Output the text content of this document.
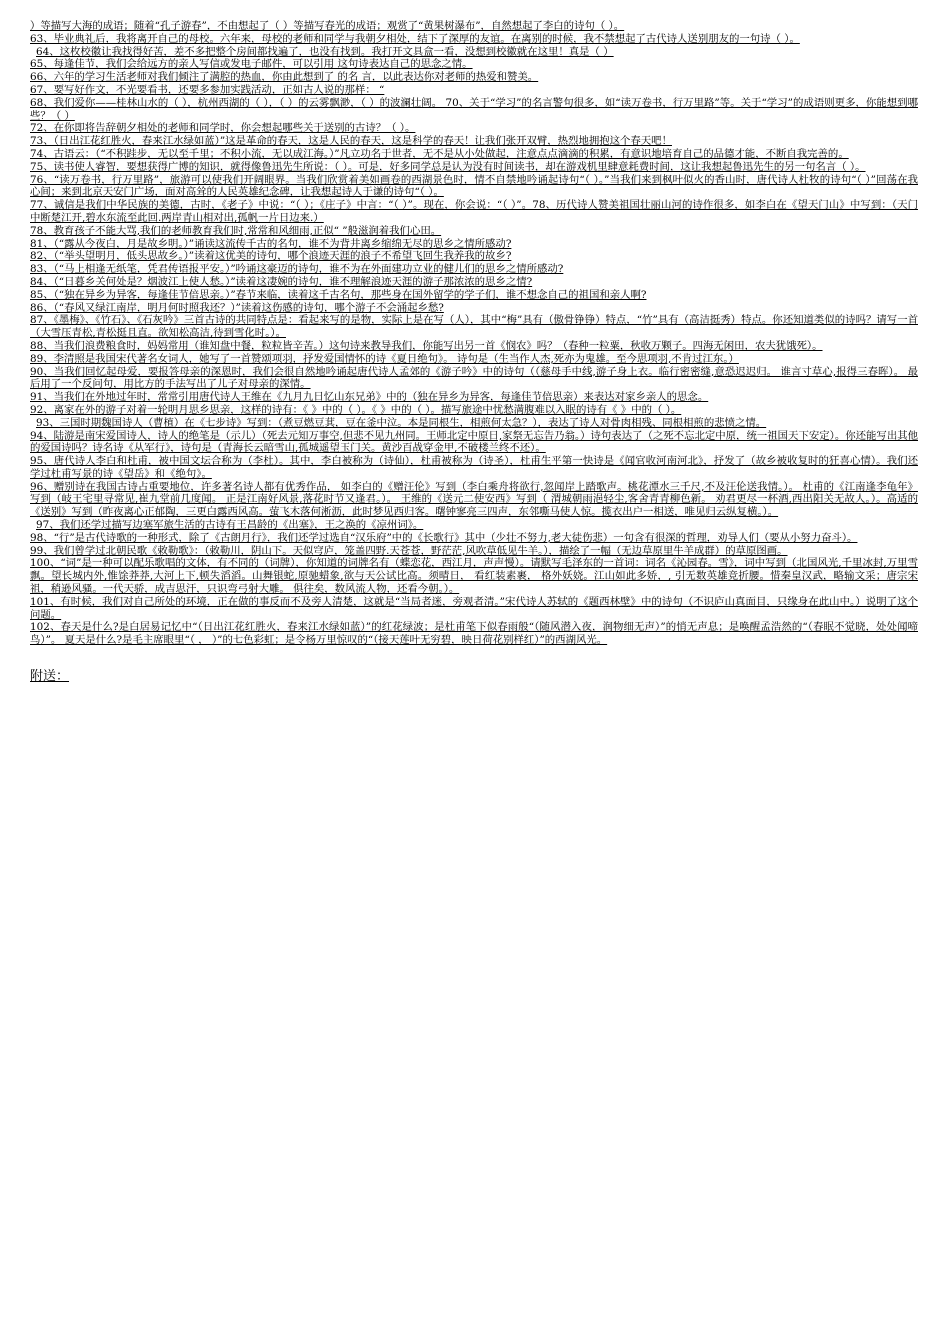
）等描写大海的成语；随着“孔子游春”，不由想起了（ ）等描写春光的成语；观赏了“黄果树瀑布”，自然想起了李白的诗句（ ）。

63、毕业典礼后，我将离开自己的母校。六年来，母校的老师和同学与我朝夕相处，结下了深厚的友谊。在离别的时候，我不禁想起了古代诗人送别朋友的一句诗（ ）。

64、这枚校徽让我找得好苦，差不多把整个房间都找遍了，也没有找到。我打开文具盒一看，没想到校徽就在这里！真是（ ）

65、每逢佳节，我们会给远方的亲人写信或发电子邮件，可以引用 这句诗表达自己的思念之情。

66、六年的学习生活老师对我们倾注了满腔的热血，你由此想到了 的名 言，以此表达你对老师的热爱和赞美。

67、要写好作文，不光要看书，还要多参加实践活动，正如古人说的那样： “

68、我们爱你——桂林山水的（ ），杭州西湖的（ ），（ ）的云雾飘渺，（ ）的波澜壮阔。 70、关于“学习”的名言警句很多，如“读万卷书，行万里路”等。关于“学习”的成语则更多，你能想到哪些？（ ）

72、在你即将告辞朝夕相处的老师和同学时，你会想起哪些关于送别的古诗？（ ）。

73、（日出江花红胜火，春来江水绿如蓝）”这是革命的春天，这是人民的春天，这是科学的春天！让我们张开双臂，热烈地拥抱这个春天吧！

74、古语云：（“不积跬步，无以至千里；不积小流，无以成江海。）”凡立功名于世者，无不是从小处做起，注意点点滴滴的积累，有意识地培育自己的品德才能，不断自我完善的。

75、读书使人睿智，要想获得广博的知识，就得像鲁迅先生所说：（ ）。可是，好多同学总是认为没有时间读书，却在游戏机里肆意耗费时间，这让我想起鲁迅先生的另一句名言（ ）。

76、“读万卷书，行万里路”，旅游可以使我们开阔眼界。当我们欣赏着美如画卷的西湖景色时，情不自禁地吟诵起诗句“（ ）。”当我们来到枫叶似火的香山时，唐代诗人杜牧的诗句“（ ）”回荡在我心间；来到北京天安门广场，面对高耸的人民英雄纪念碑，让我想起诗人于谦的诗句“（ ）。

77、诚信是我们中华民族的美德，古时，《老子》中说：“（ ）；《庄子》中言：“（ ）”。现在，你会说：“（ ）”。78、历代诗人赞美祖国壮丽山河的诗作很多，如李白在《望天门山》中写到：（天门中断楚江开,碧水东流至此回.两岸青山相对出,孤帆一片日边来.）

78、教育孩子不能大骂,我们的老师教育我们时,常常和风细雨,正似“ ”般滋润着我们心田。

81、（“露从今夜白，月是故乡明。）”诵读这流传千古的名句，谁不为背井离乡缩绵无尽的思乡之情所感动?

82、（“举头望明月，低头思故乡。）”读着这优美的诗句，哪个浪迹天涯的浪子不希望飞回生我养我的故乡?

83、（“马上相逢无纸笔，凭君传语报平安。）”吟诵这豪迈的诗句，谁不为在外面建功立业的健儿们的思乡之情所感动?

84、（“日暮乡关何处是？烟波江上使人愁。）”读着这凄婉的诗句，谁不理解浪迹天涯的游子那浓浓的思乡之情?

85、（“独在异乡为异客，每逢佳节倍思亲。）”春节来临，读着这千古名句，那些身在国外留学的学子们，谁不想念自己的祖国和亲人啊?

86、（“春风又绿江南岸，明月何时照我还？）”读着这伤感的诗句，哪个游子不会涌起乡愁?

87、《墨梅》、《竹石》、《石灰吟》三首古诗的共同特点是：看起来写的是物，实际上是在写（人），其中“梅”具有（傲骨铮铮）特点，“竹”具有（高洁挺秀）特点。你还知道类似的诗吗？请写一首（大雪压青松,青松挺且直。欲知松高洁,待到雪化时。）。

88、当我们浪费粮食时，妈妈常用（谁知盘中餐，粒粒皆辛苦。）这句诗来教导我们，你能写出另一首《悯农》吗？（春种一粒粟，秋收万颗子。四海无闲田，农夫犹饿死）。

89、李清照是我国宋代著名女词人，她写了一首赞颂项羽，抒发爱国情怀的诗《夏日绝句》。 诗句是（生当作人杰,死亦为鬼雄。至今思项羽,不肯过江东。）

90、当我们回忆起母爱，要报答母亲的深恩时，我们会很自然地吟诵起唐代诗人孟郊的《游子吟》中的诗句（（慈母手中线,游子身上衣。临行密密缝,意恐迟迟归。 谁言寸草心,报得三春晖）。 最后用了一个反问句，用比方的手法写出了儿子对母亲的深情。

91、当我们在外地过年时，常常引用唐代诗人王维在《九月九日忆山东兄弟》中的（独在异乡为异客，每逢佳节倍思亲）来表达对家乡亲人的思念。

92、离家在外的游子对着一轮明月思乡思亲，这样的诗有：《 》中的（ ）。《 》中的（ ）。描写旅途中忧愁满腹难以入眠的诗有《 》中的（ ）。

93、三国时期魏国诗人（曹植）在《七步诗》写到：（煮豆燃豆萁，豆在釜中泣。本是同根生，相煎何太急？），表达了诗人对骨肉相残、同根相煎的悲愤之情。

94、陆游是南宋爱国诗人，诗人的绝笔是（示儿）（死去元知万事空,但悲不见九州同。王师北定中原日,家祭无忘告乃翁。）诗句表达了（之死不忘北定中原，统一祖国天下安定）。你还能写出其他的爱国诗吗？诗名诗《从军行》，诗句是（青海长云暗雪山,孤城遥望玉门关。黄沙百战穿金甲,不破楼兰终不还）。

95、唐代诗人李白和杜甫，被中国文坛合称为（李杜）。其中，李白被称为（诗仙），杜甫被称为（诗圣），杜甫生平第一快诗是《闻官收河南河北》，抒发了（故乡被收复时的狂喜心情）。我们还学过杜甫写景的诗《望岳》和《绝句》。

96、赠别诗在我国古诗占重要地位，许多著名诗人都有优秀作品， 如李白的《赠汪伦》写到（李白乘舟将欲行,忽闻岸上踏歌声。桃花潭水三千尺,不及汪伦送我情。）。 杜甫的《江南逢李龟年》写到（岐王宅里寻常见,崔九堂前几度闻。 正是江南好风景,落花时节又逢君。）。 王维的《送元二使安西》写到（ 渭城朝雨浥轻尘,客舍青青柳色新。 劝君更尽一杯酒,西出阳关无故人。）。高适的《送别》写到（昨夜离心正郁陶，三更白露西风高。萤飞木落何淅沥，此时梦见西归客。曙钟寥亮三四声，东邻嘶马使人惊。揽衣出户一相送，唯见归云纵复横。）。

97、我们还学过描写边塞军旅生活的古诗有王昌龄的《出塞》，王之涣的《凉州词》。

98、“行”是古代诗歌的一种形式，除了《古朗月行》，我们还学过选自“汉乐府”中的《长歌行》其中（少壮不努力,老大徒伤悲）一句含有很深的哲理，劝导人们（要从小努力奋斗）。

99、我们曾学过北朝民歌《敕勒歌》：（敕勒川，阴山下。天似穹庐，笼盖四野.天苍苍，野茫茫,风吹草低见牛羊。），描绘了一幅（无边草原里牛羊成群）的草原图画。

100、“词”是一种可以配乐歌唱的文体，有不同的（词牌），你知道的词牌名有（蝶恋花，西江月，声声慢）。请默写毛泽东的一首词：词名《沁园春。雪》，词中写到（北国风光,千里冰封,万里雪飘。望长城内外,惟馀莽莽,大河上下,顿失滔滔。山舞银蛇,原驰蜡象,欲与天公试比高。须晴日， 看红装素裹， 格外妖娆。江山如此多娇，, 引无数英雄竞折腰。惜秦皇汉武，略输文采；唐宗宋祖，稍逊风骚。一代天骄，成吉思汗，只识弯弓射大雕。 俱往矣，数风流人物，还看今朝。）。

101、有时候，我们对自己所处的环境，正在做的事反而不及旁人清楚，这就是“当局者迷，旁观者清。”宋代诗人苏轼的《题西林壁》中的诗句（不识庐山真面目，只缘身在此山中。）说明了这个问题。

102、春天是什么?是白居易记忆中“（日出江花红胜火，春来江水绿如蓝）”的红花绿波；是杜甫笔下似春雨般“（随风潜入夜，润物细无声）”的悄无声息；是唤醒孟浩然的“（春眠不觉晓，处处闻啼鸟）”。 夏天是什么?是毛主席眼里“（ ， ）”的七色彩虹；是令杨万里惊叹的“（接天莲叶无穷碧，映日荷花别样红）”的西湖风光。

附送：
